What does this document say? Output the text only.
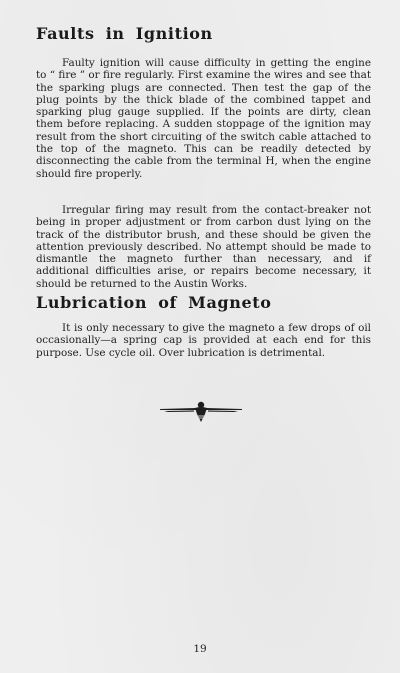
Faults in Ignition

Faulty ignition will cause difficulty in getting the engine to “ fire ” or fire regularly. First examine the wires and see that the sparking plugs are connected. Then test the gap of the plug points by the thick blade of the combined tappet and sparking plug gauge supplied. If the points are dirty, clean them before replacing. A sudden stoppage of the ignition may result from the short circuiting of the switch cable attached to the top of the magneto. This can be readily detected by disconnecting the cable from the terminal H, when the engine should fire properly.

Irregular firing may result from the contact-breaker not being in proper adjustment or from carbon dust lying on the track of the distributor brush, and these should be given the attention previously described. No attempt should be made to dismantle the magneto further than necessary, and if additional difficulties arise, or repairs become necessary, it should be returned to the Austin Works.

Lubrication of Magneto

It is only necessary to give the magneto a few drops of oil occasionally—a spring cap is provided at each end for this purpose. Use cycle oil. Over lubrication is detrimental.

19
